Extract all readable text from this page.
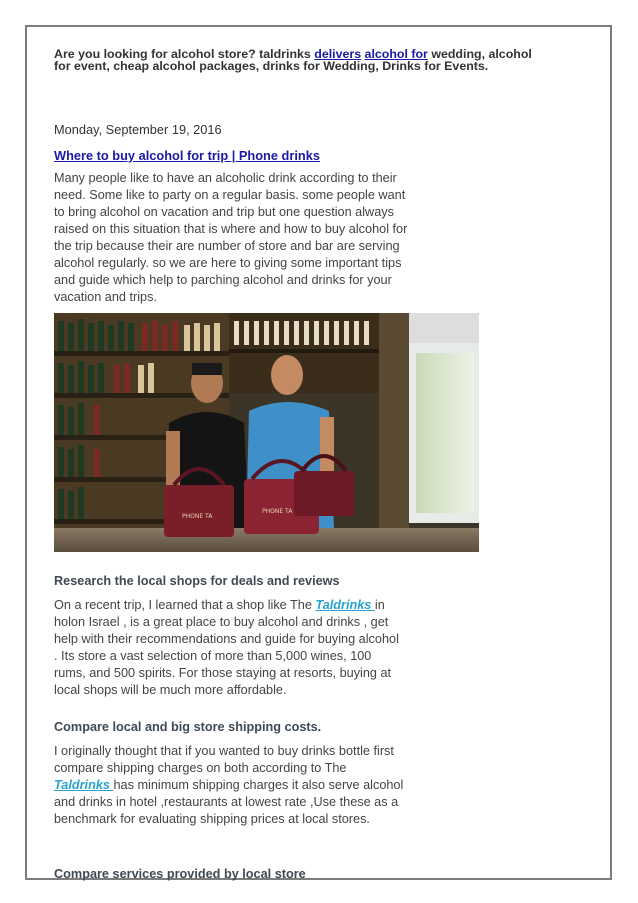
Are you looking for alcohol store? taldrinks delivers alcohol for wedding, alcohol for event, cheap alcohol packages, drinks for Wedding, Drinks for Events.
Monday, September 19, 2016
Where to buy alcohol for trip | Phone drinks
Many people like to have an alcoholic drink according to their need. Some like to party on a regular basis. some people want to bring alcohol on vacation and trip but one question always raised on this situation that is where and how to buy alcohol for the trip because their are number of store and bar are serving alcohol regularly. so we are here to giving some important tips and guide which help to parching alcohol and drinks for your vacation and trips.
PHONE TA
PHONE TA
Research the local shops for deals and reviews
On a recent trip, I learned that a shop like The Taldrinks in holon Israel , is a great place to buy alcohol and drinks , get help with their recommendations and guide for buying alcohol . Its store a vast selection of more than 5,000 wines, 100 rums, and 500 spirits. For those staying at resorts, buying at local shops will be much more affordable.
Compare local and big store shipping costs.
I originally thought that if you wanted to buy drinks bottle first compare shipping charges on both according to The Taldrinks has minimum shipping charges it also serve alcohol and drinks in hotel ,restaurants at lowest rate ,Use these as a benchmark for evaluating shipping prices at local stores.
Compare services provided by local store
